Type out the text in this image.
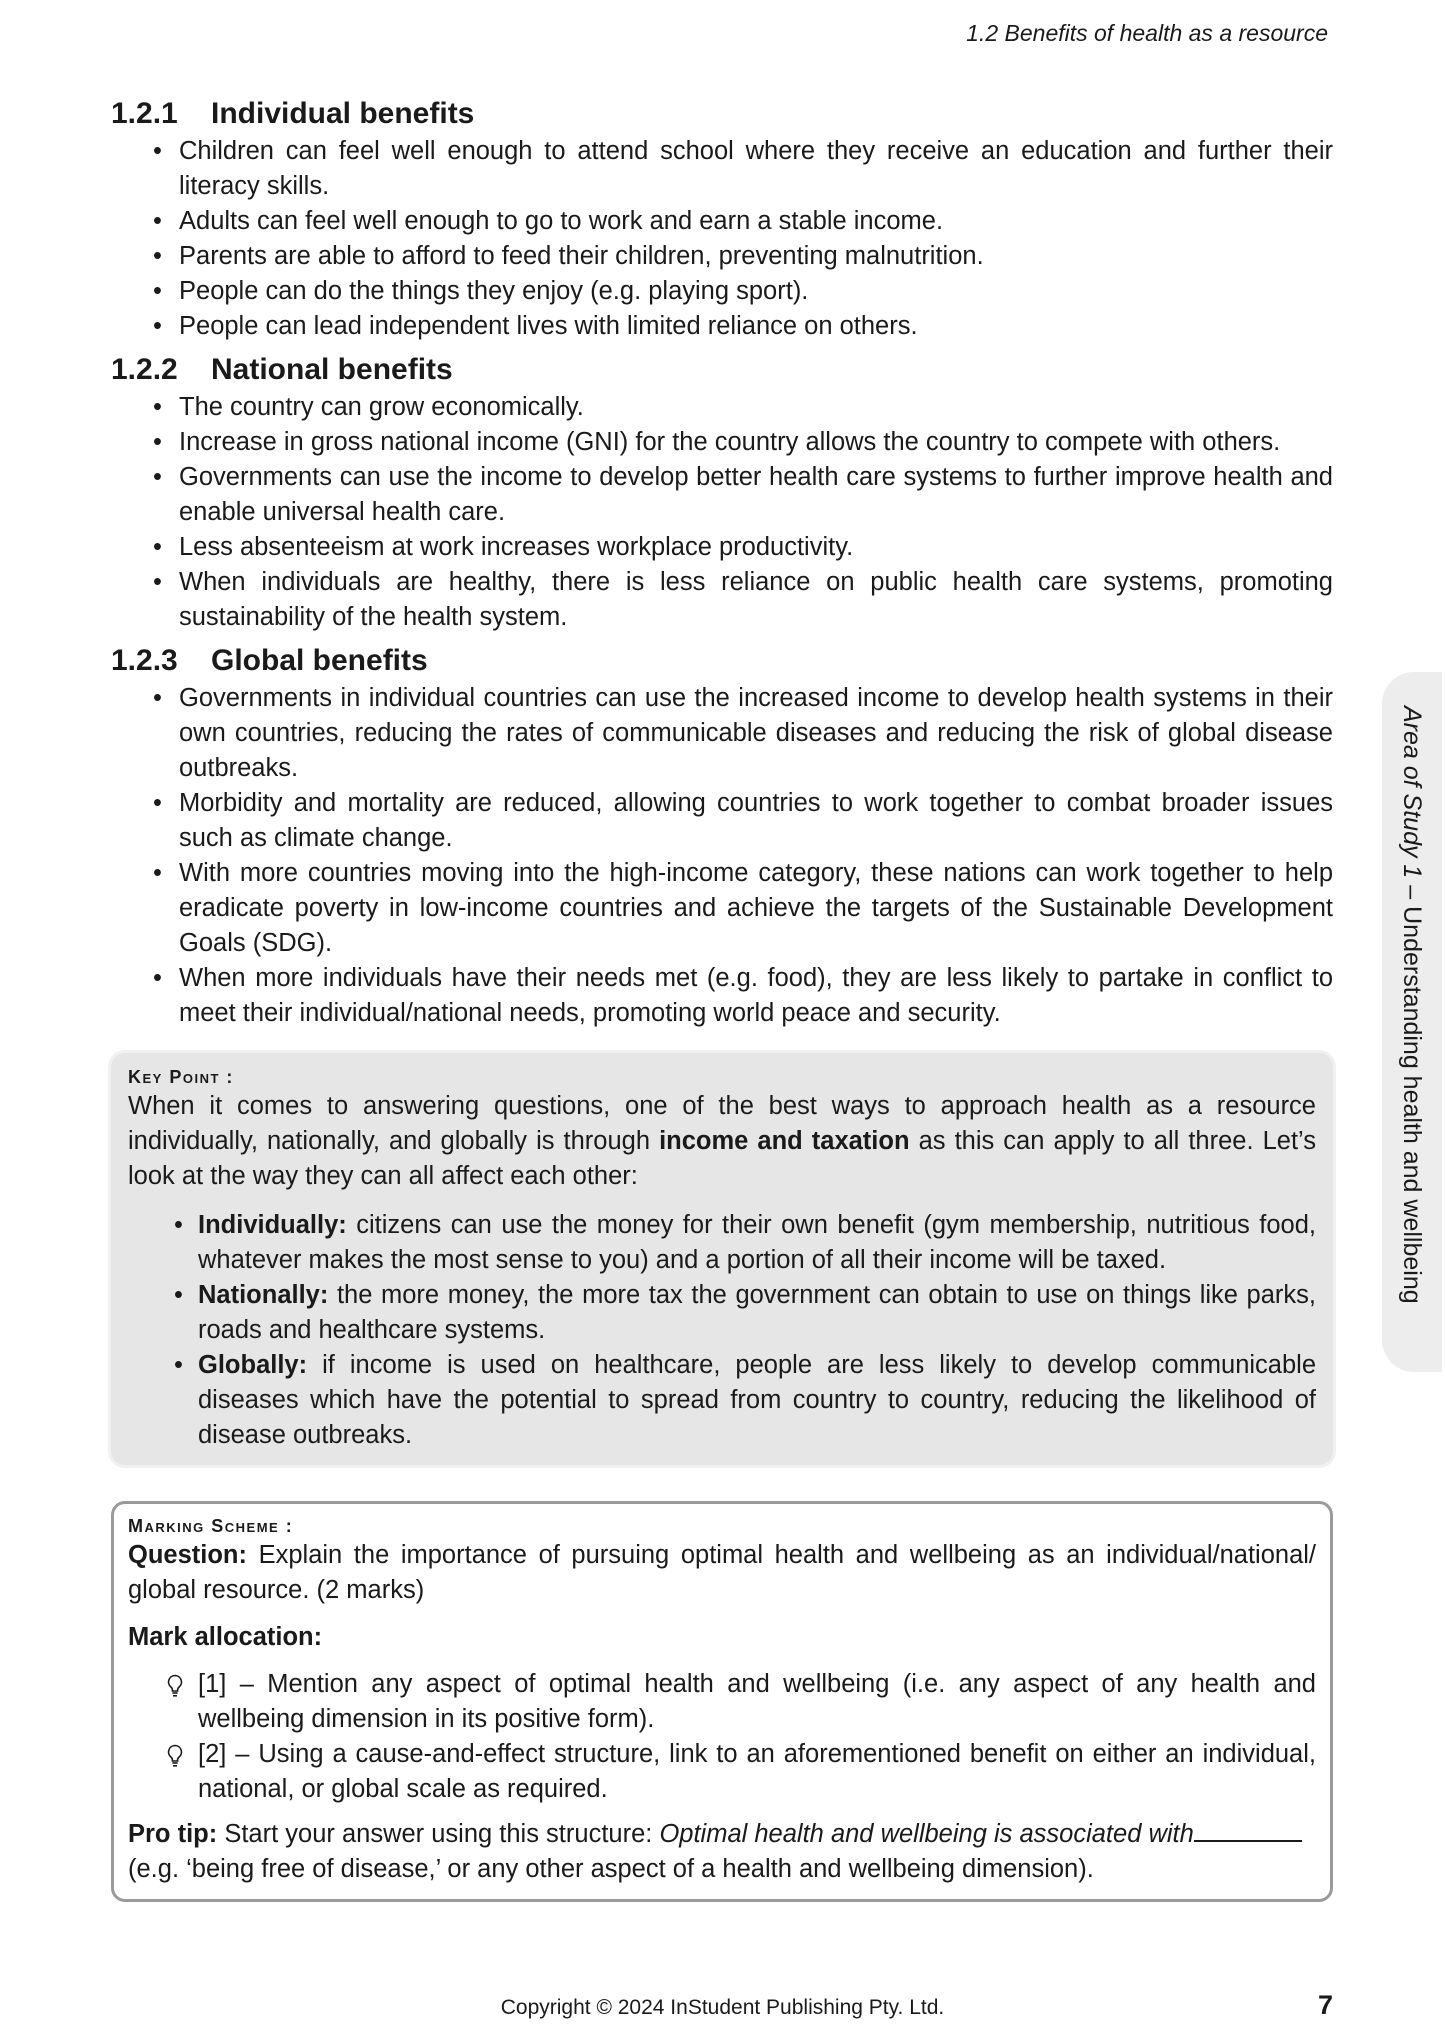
1.2 Benefits of health as a resource
1.2.1 Individual benefits
• Children can feel well enough to attend school where they receive an education and further their literacy skills.
• Adults can feel well enough to go to work and earn a stable income.
• Parents are able to afford to feed their children, preventing malnutrition.
• People can do the things they enjoy (e.g. playing sport).
• People can lead independent lives with limited reliance on others.
1.2.2 National benefits
• The country can grow economically.
• Increase in gross national income (GNI) for the country allows the country to compete with others.
• Governments can use the income to develop better health care systems to further improve health and enable universal health care.
• Less absenteeism at work increases workplace productivity.
• When individuals are healthy, there is less reliance on public health care systems, promoting sustainability of the health system.
1.2.3 Global benefits
• Governments in individual countries can use the increased income to develop health systems in their own countries, reducing the rates of communicable diseases and reducing the risk of global disease outbreaks.
• Morbidity and mortality are reduced, allowing countries to work together to combat broader issues such as climate change.
• With more countries moving into the high-income category, these nations can work together to help eradicate poverty in low-income countries and achieve the targets of the Sustainable Development Goals (SDG).
• When more individuals have their needs met (e.g. food), they are less likely to partake in conflict to meet their individual/national needs, promoting world peace and security.
Key Point :

When it comes to answering questions, one of the best ways to approach health as a resource individually, nationally, and globally is through income and taxation as this can apply to all three. Let’s look at the way they can all affect each other:

• Individually: citizens can use the money for their own benefit (gym membership, nutritious food, whatever makes the most sense to you) and a portion of all their income will be taxed.
• Nationally: the more money, the more tax the government can obtain to use on things like parks, roads and healthcare systems.
• Globally: if income is used on healthcare, people are less likely to develop communicable diseases which have the potential to spread from country to country, reducing the likelihood of disease outbreaks.
Marking Scheme :

Question: Explain the importance of pursuing optimal health and wellbeing as an individual/national/ global resource. (2 marks)

Mark allocation:
[1] – Mention any aspect of optimal health and wellbeing (i.e. any aspect of any health and wellbeing dimension in its positive form).
[2] – Using a cause-and-effect structure, link to an aforementioned benefit on either an individual, national, or global scale as required.

Pro tip: Start your answer using this structure: Optimal health and wellbeing is associated with
(e.g. ‘being free of disease,’ or any other aspect of a health and wellbeing dimension).

Area of Study 1 – Understanding health and wellbeing
Copyright © 2024 InStudent Publishing Pty. Ltd.	7
